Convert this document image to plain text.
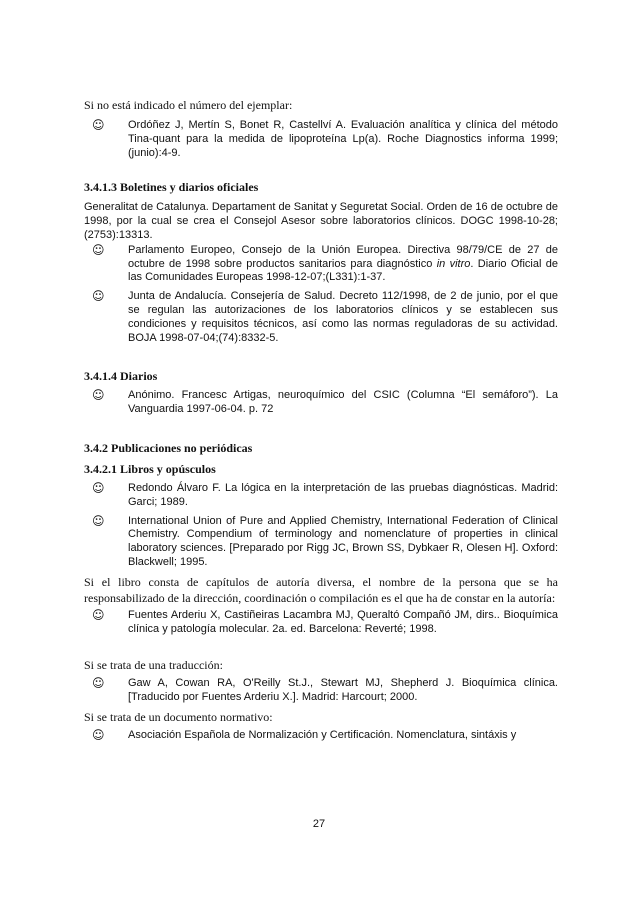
Si no está indicado el número del ejemplar:

☺	Ordóñez J, Mertín S, Bonet R, Castellví A. Evaluación analítica y clínica del método Tina-quant para la medida de lipoproteína Lp(a). Roche Diagnostics informa 1999;(junio):4-9.

3.4.1.3 Boletines y diarios oficiales

Generalitat de Catalunya. Departament de Sanitat y Seguretat Social. Orden de 16 de octubre de 1998, por la cual se crea el Consejol Asesor sobre laboratorios clínicos. DOGC 1998-10-28; (2753):13313.

☺	Parlamento Europeo, Consejo de la Unión Europea. Directiva 98/79/CE de 27 de octubre de 1998 sobre productos sanitarios para diagnóstico in vitro. Diario Oficial de las Comunidades Europeas 1998-12-07;(L331):1-37.
☺	Junta de Andalucía. Consejería de Salud. Decreto 112/1998, de 2 de junio, por el que se regulan las autorizaciones de los laboratorios clínicos y se establecen sus condiciones y requisitos técnicos, así como las normas reguladoras de su actividad. BOJA 1998-07-04;(74):8332-5.

3.4.1.4 Diarios

☺	Anónimo. Francesc Artigas, neuroquímico del CSIC (Columna “El semáforo”). La Vanguardia 1997-06-04. p. 72

3.4.2 Publicaciones no periódicas

3.4.2.1 Libros y opúsculos

☺	Redondo Álvaro F. La lógica en la interpretación de las pruebas diagnósticas. Madrid: Garci; 1989.
☺	International Union of Pure and Applied Chemistry, International Federation of Clinical Chemistry. Compendium of terminology and nomenclature of properties in clinical laboratory sciences. [Preparado por Rigg JC, Brown SS, Dybkaer R, Olesen H]. Oxford: Blackwell; 1995.

Si el libro consta de capítulos de autoría diversa, el nombre de la persona que se ha responsabilizado de la dirección, coordinación o compilación es el que ha de constar en la autoría:

☺	Fuentes Arderiu X, Castiñeiras Lacambra MJ, Queraltó Compañó JM, dirs.. Bioquímica clínica y patología molecular. 2a. ed. Barcelona: Reverté; 1998.

Si se trata de una traducción:

☺	Gaw A, Cowan RA, O'Reilly St.J., Stewart MJ, Shepherd J. Bioquímica clínica. [Traducido por Fuentes Arderiu X.]. Madrid: Harcourt; 2000.

Si se trata de un documento normativo:

☺	Asociación Española de Normalización y Certificación. Nomenclatura, sintáxis y
27
